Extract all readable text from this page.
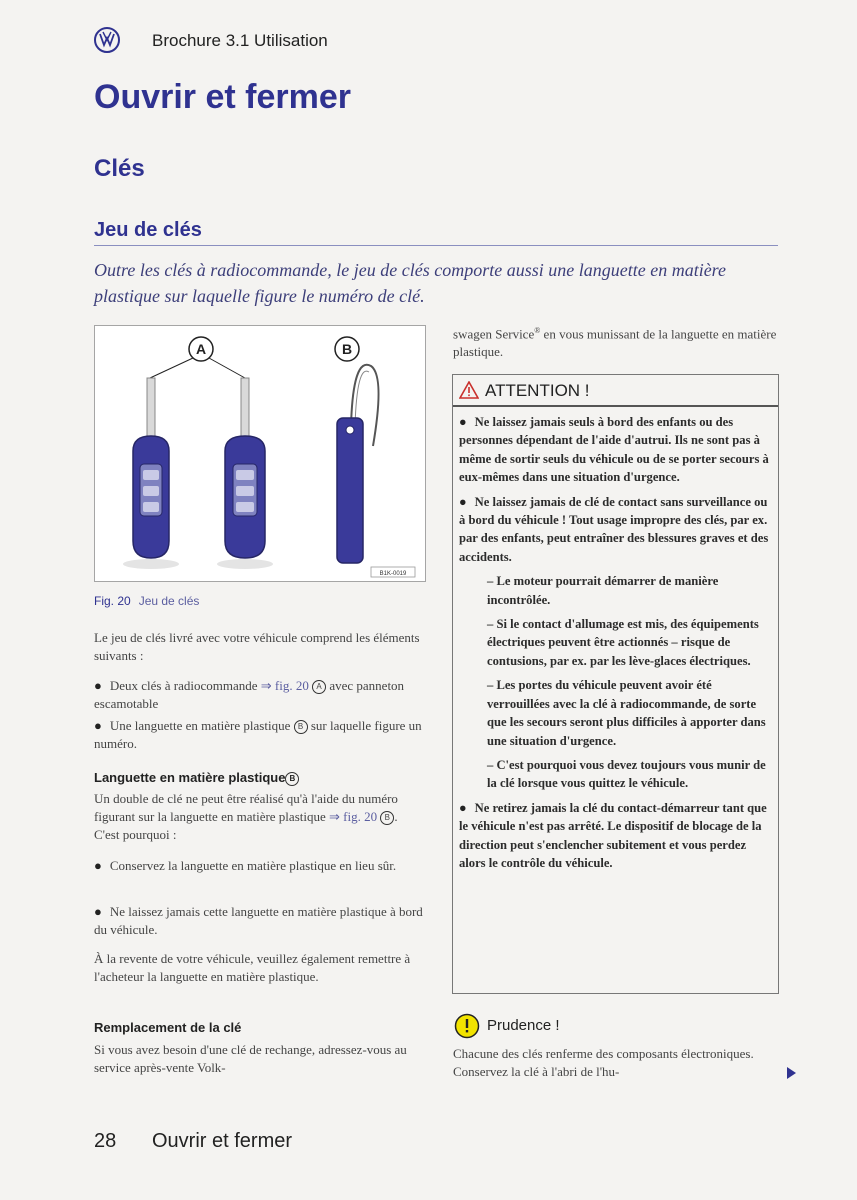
Brochure 3.1 Utilisation
Ouvrir et fermer
Clés
Jeu de clés

Outre les clés à radiocommande, le jeu de clés comporte aussi une languette en matière plastique sur laquelle figure le numéro de clé.

A	B
B1K-0019
Fig. 20 Jeu de clés

Le jeu de clés livré avec votre véhicule comprend les éléments suivants :

● Deux clés à radiocommande ⇒ fig. 20 A avec panneton escamotable

● Une languette en matière plastique B sur laquelle figure un numéro.

Languette en matière plastique B

Un double de clé ne peut être réalisé qu'à l'aide du numéro figurant sur la languette en matière plastique ⇒ fig. 20 B . C'est pourquoi :

● Conservez la languette en matière plastique en lieu sûr.

● Ne laissez jamais cette languette en matière plastique à bord du véhicule.

À la revente de votre véhicule, veuillez également remettre à l'acheteur la languette en matière plastique.

Remplacement de la clé

Si vous avez besoin d'une clé de rechange, adressez-vous au service après-vente Volk-

swagen Service® en vous munissant de la languette en matière plastique.

ATTENTION !

● Ne laissez jamais seuls à bord des enfants ou des personnes dépendant de l'aide d'autrui. Ils ne sont pas à même de sortir seuls du véhicule ou de se porter secours à eux-mêmes dans une situation d'urgence.

● Ne laissez jamais de clé de contact sans surveillance ou à bord du véhicule ! Tout usage impropre des clés, par ex. par des enfants, peut entraîner des blessures graves et des accidents.

– Le moteur pourrait démarrer de manière incontrôlée.

– Si le contact d'allumage est mis, des équipements électriques peuvent être actionnés – risque de contusions, par ex. par les lève-glaces électriques.

– Les portes du véhicule peuvent avoir été verrouillées avec la clé à radiocommande, de sorte que les secours seront plus difficiles à apporter dans une situation d'urgence.

– C'est pourquoi vous devez toujours vous munir de la clé lorsque vous quittez le véhicule.

● Ne retirez jamais la clé du contact-démarreur tant que le véhicule n'est pas arrêté. Le dispositif de blocage de la direction peut s'enclencher subitement et vous perdez alors le contrôle du véhicule.

Prudence !

Chacune des clés renferme des composants électroniques. Conservez la clé à l'abri de l'hu-

28 Ouvrir et fermer
